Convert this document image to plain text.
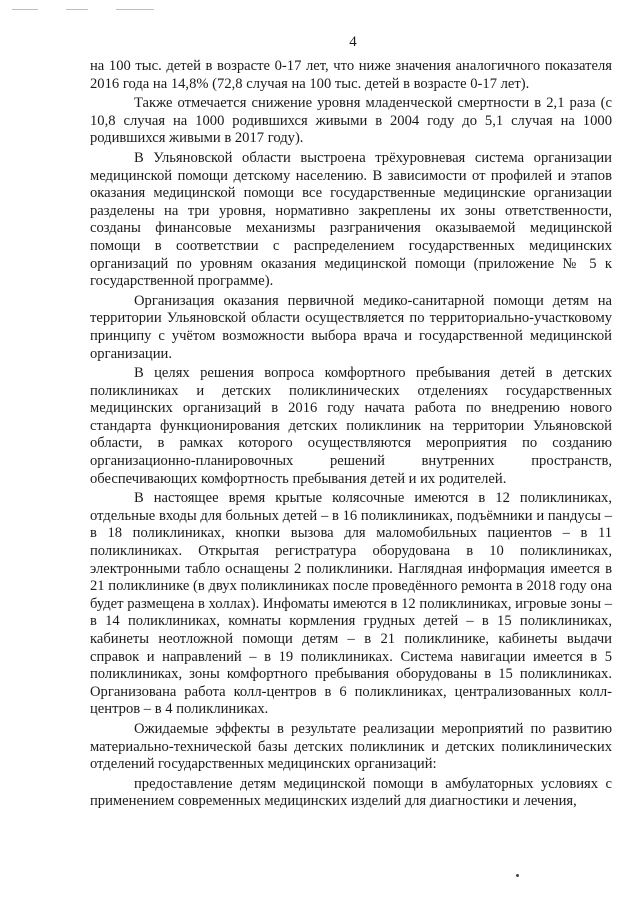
4

на 100 тыс. детей в возрасте 0-17 лет, что ниже значения аналогичного показателя 2016 года на 14,8% (72,8 случая на 100 тыс. детей в возрасте 0-17 лет).

Также отмечается снижение уровня младенческой смертности в 2,1 раза (с 10,8 случая на 1000 родившихся живыми в 2004 году до 5,1 случая на 1000 родившихся живыми в 2017 году).

В Ульяновской области выстроена трёхуровневая система организации медицинской помощи детскому населению. В зависимости от профилей и этапов оказания медицинской помощи все государственные медицинские организации разделены на три уровня, нормативно закреплены их зоны ответственности, созданы финансовые механизмы разграничения оказываемой медицинской помощи в соответствии с распределением государственных медицинских организаций по уровням оказания медицинской помощи (приложение № 5 к государственной программе).

Организация оказания первичной медико-санитарной помощи детям на территории Ульяновской области осуществляется по территориально-участковому принципу с учётом возможности выбора врача и государственной медицинской организации.

В целях решения вопроса комфортного пребывания детей в детских поликлиниках и детских поликлинических отделениях государственных медицинских организаций в 2016 году начата работа по внедрению нового стандарта функционирования детских поликлиник на территории Ульяновской области, в рамках которого осуществляются мероприятия по созданию организационно-планировочных решений внутренних пространств, обеспечивающих комфортность пребывания детей и их родителей.

В настоящее время крытые колясочные имеются в 12 поликлиниках, отдельные входы для больных детей – в 16 поликлиниках, подъёмники и пандусы – в 18 поликлиниках, кнопки вызова для маломобильных пациентов – в 11 поликлиниках. Открытая регистратура оборудована в 10 поликлиниках, электронными табло оснащены 2 поликлиники. Наглядная информация имеется в 21 поликлинике (в двух поликлиниках после проведённого ремонта в 2018 году она будет размещена в холлах). Инфоматы имеются в 12 поликлиниках, игровые зоны – в 14 поликлиниках, комнаты кормления грудных детей – в 15 поликлиниках, кабинеты неотложной помощи детям – в 21 поликлинике, кабинеты выдачи справок и направлений – в 19 поликлиниках. Система навигации имеется в 5 поликлиниках, зоны комфортного пребывания оборудованы в 15 поликлиниках. Организована работа колл-центров в 6 поликлиниках, централизованных колл-центров – в 4 поликлиниках.

Ожидаемые эффекты в результате реализации мероприятий по развитию материально-технической базы детских поликлиник и детских поликлинических отделений государственных медицинских организаций:

предоставление детям медицинской помощи в амбулаторных условиях с применением современных медицинских изделий для диагностики и лечения,
